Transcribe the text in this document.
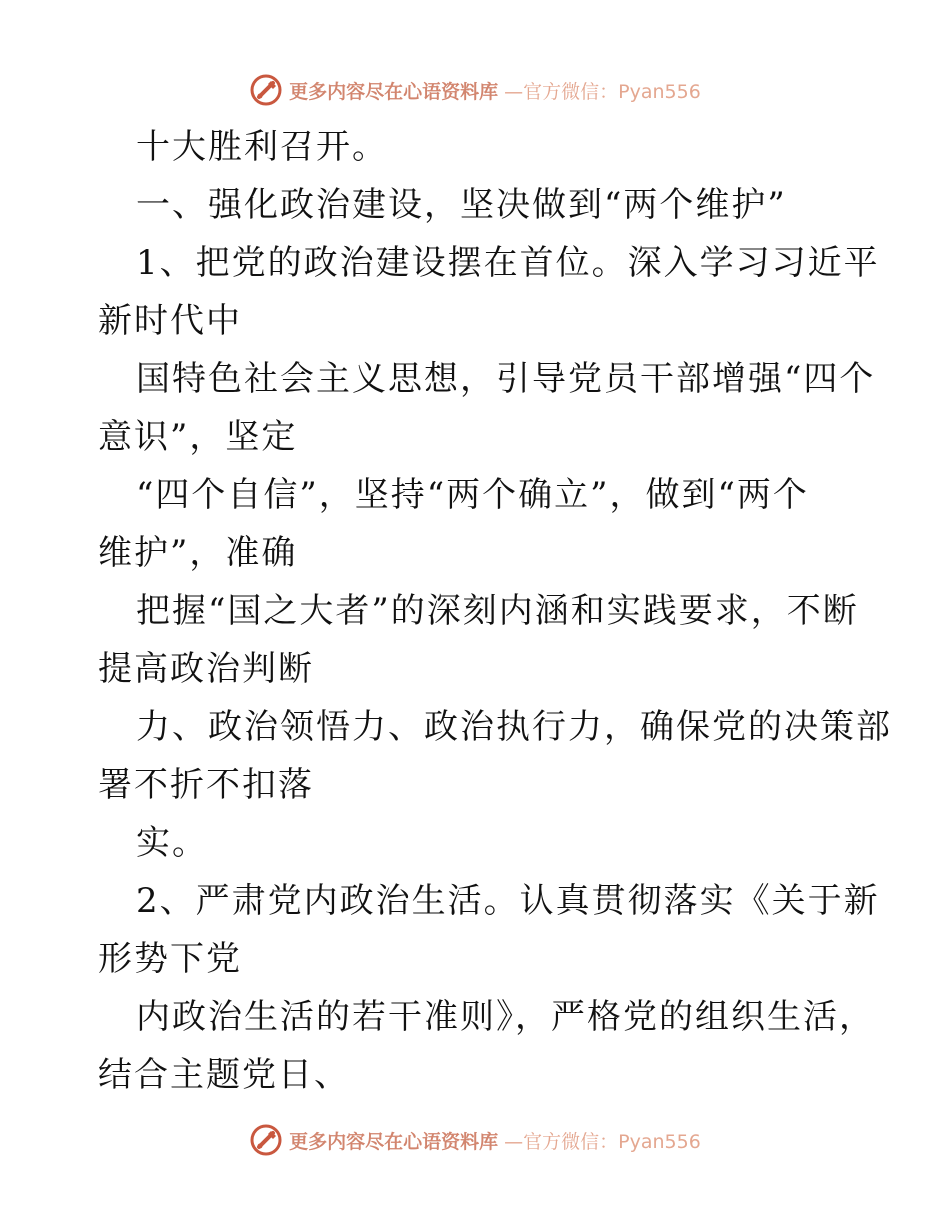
更多内容尽在心语资料库 —官方微信：Pyan556
十大胜利召开。
一、强化政治建设，坚决做到“两个维护”
1、把党的政治建设摆在首位。深入学习习近平
新时代中
国特色社会主义思想，引导党员干部增强“四个
意识”，坚定
“四个自信”，坚持“两个确立”，做到“两个
维护”，准确
把握“国之大者”的深刻内涵和实践要求，不断
提高政治判断
力、政治领悟力、政治执行力，确保党的决策部
署不折不扣落
实。
2、严肃党内政治生活。认真贯彻落实《关于新
形势下党
内政治生活的若干准则》，严格党的组织生活，
结合主题党日、
更多内容尽在心语资料库 —官方微信：Pyan556
